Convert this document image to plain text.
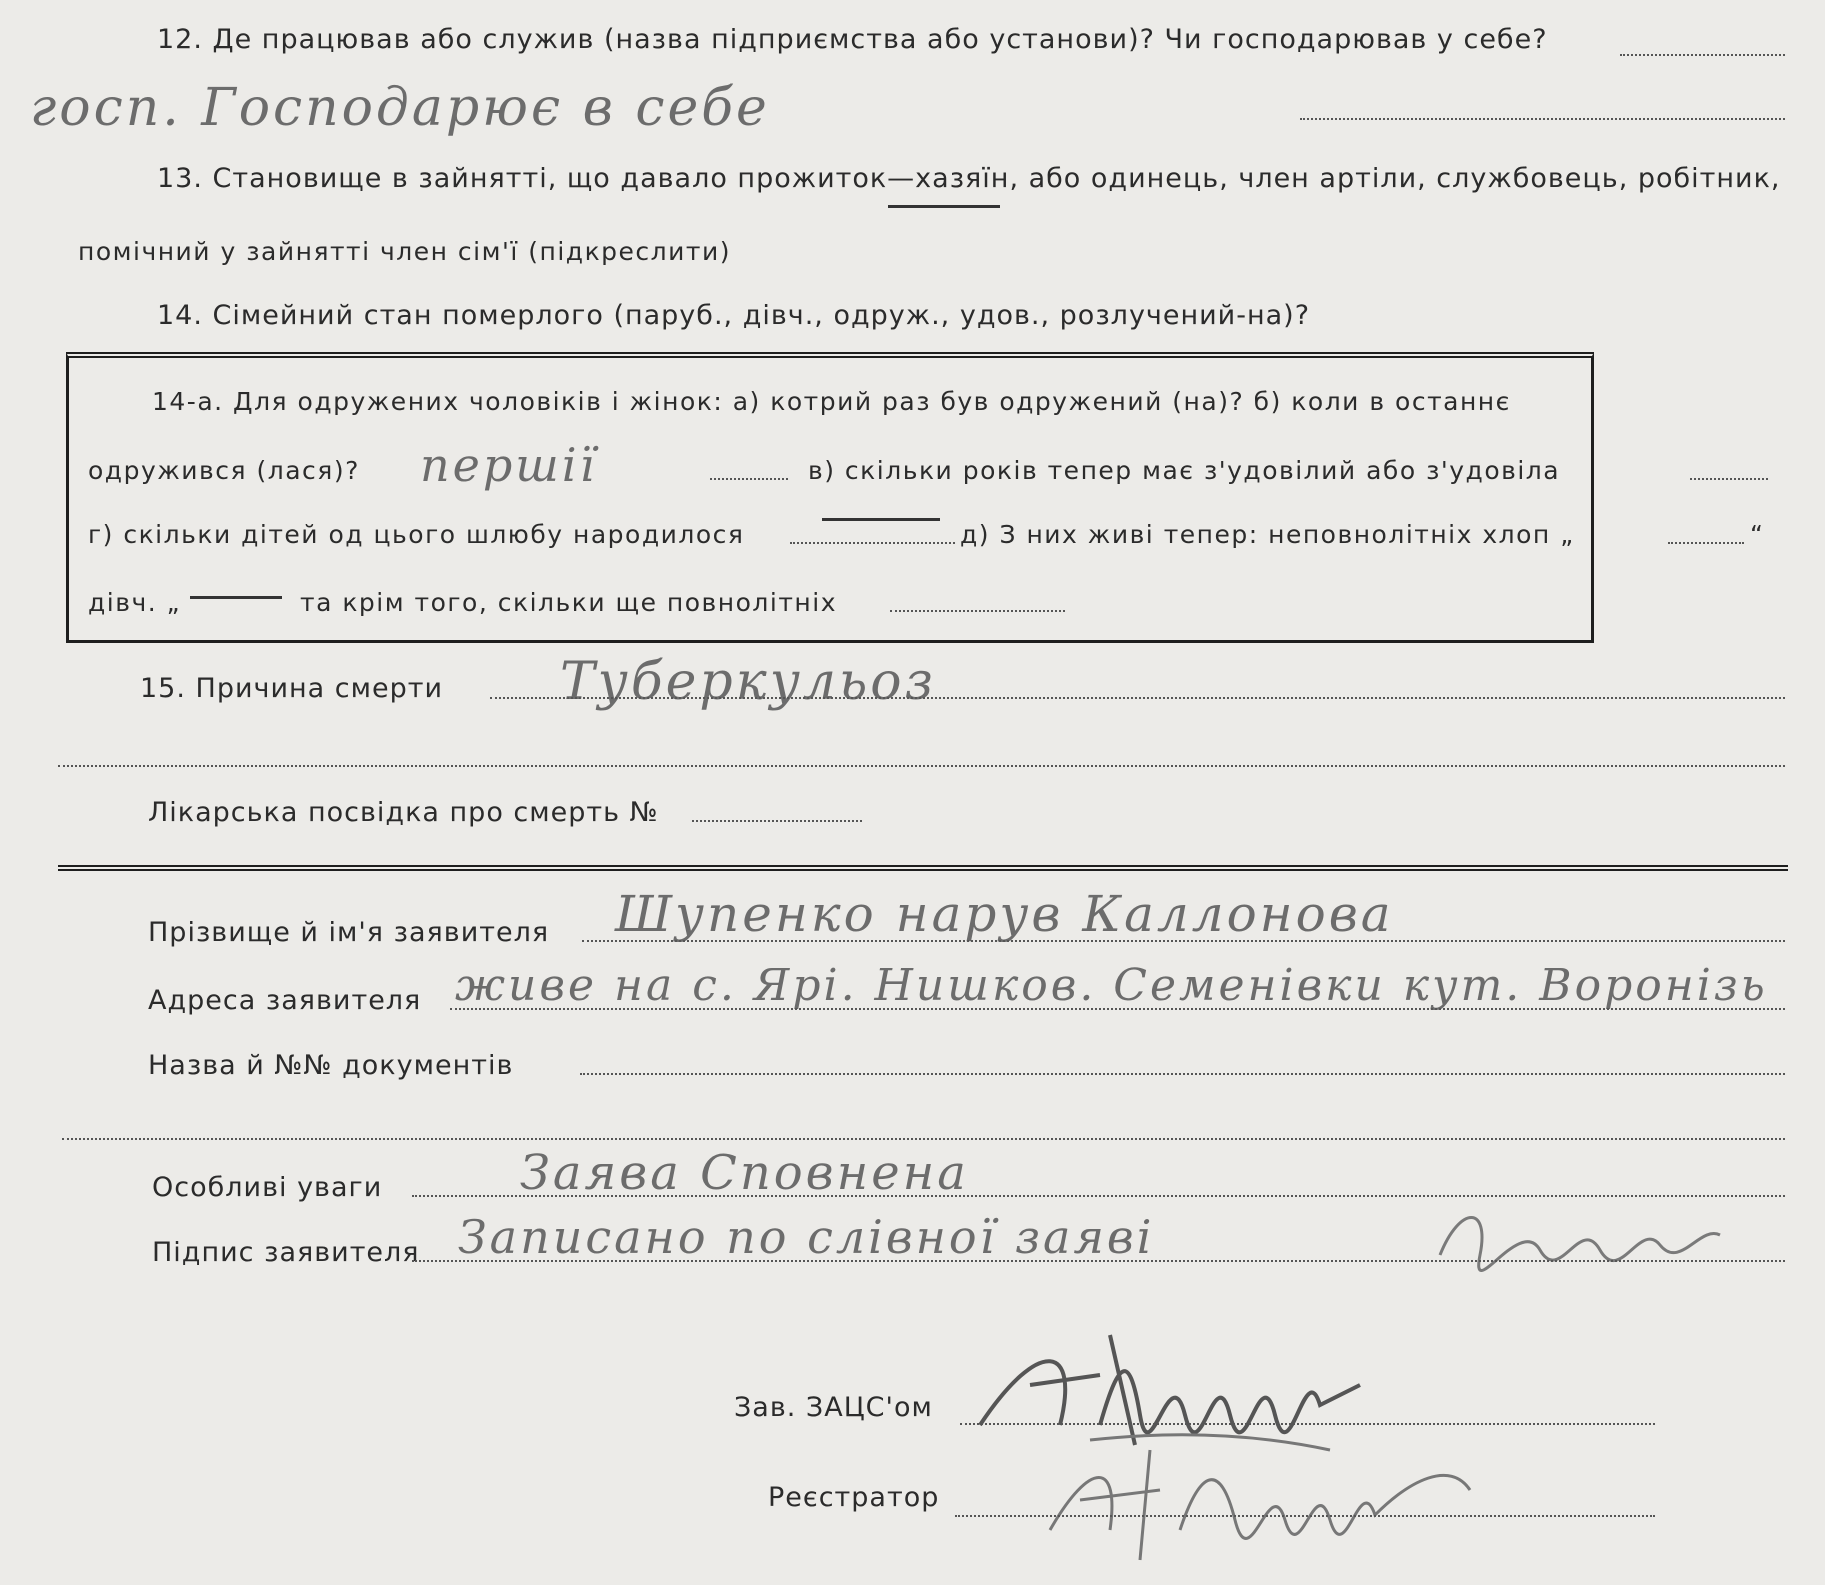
12. Де працював або служив (назва підприємства або установи)? Чи господарював у себе?
госп. Господарює в себе
13. Становище в зайнятті, що давало прожиток—хазяїн, або одинець, член артіли, службовець, робітник,
помічний у зайнятті член сім'ї (підкреслити)
14. Сімейний стан померлого (паруб., дівч., одруж., удов., розлучений-на)?
14-а. Для одружених чоловіків і жінок: а) котрий раз був одружений (на)? б) коли в останнє
одружився (лася)? першії	в) скільки років тепер має з'удовілий або з'удовіла
г) скільки дітей од цього шлюбу народилося	д) З них живі тепер: неповнолітніх хлоп „	“
дівч. „	та крім того, скільки ще повнолітніх
15. Причина смерти Туберкульоз
Лікарська посвідка про смерть №
Прізвище й ім'я заявителя Шупенко нарув Каллонова
Адреса заявителя живе на с. Ярі. Нишков. Семенівки кут. Воронізь
Назва й №№ документів
Особливі уваги	Заява Сповнена
Підпис заявителя Записано по слівної заяві
Зав. ЗАЦС'ом
Реєстратор
